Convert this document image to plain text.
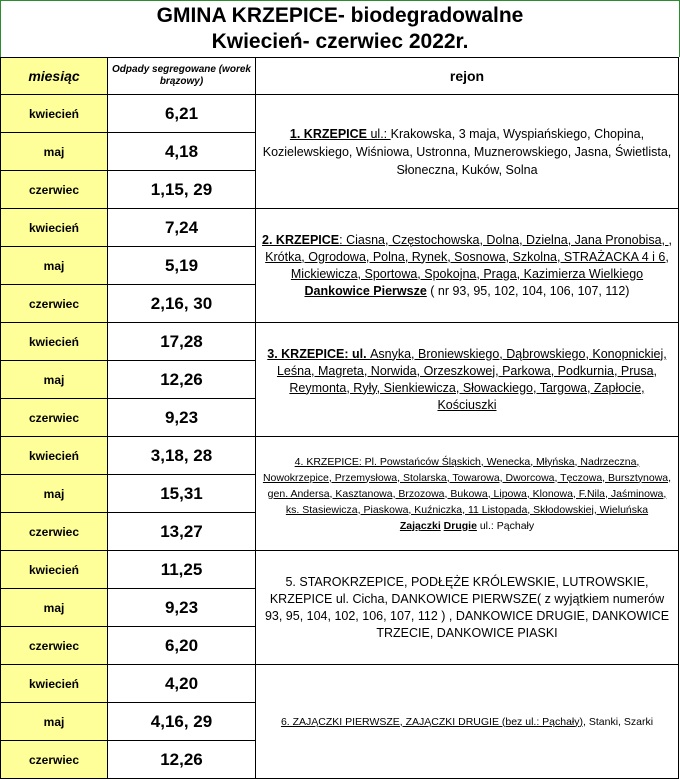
GMINA KRZEPICE- biodegradowalne
Kwiecień- czerwiec 2022r.
miesiąc	Odpady segregowane (worek brązowy)	rejon
kwiecień	6,21	1. KRZEPICE ul.: Krakowska, 3 maja, Wyspiańskiego, Chopina, Kozielewskiego, Wiśniowa, Ustronna, Muznerowskiego, Jasna, Świetlista, Słoneczna, Kuków, Solna

maj	4,18	
czerwiec	1,15, 29	
kwiecień	7,24	2. KRZEPICE: Ciasna, Częstochowska, Dolna, Dzielna, Jana Pronobisa, , Krótka, Ogrodowa, Polna, Rynek, Sosnowa, Szkolna, STRAŻACKA 4 i 6, Mickiewicza, Sportowa, Spokojna, Praga, Kazimierza Wielkiego

Dankowice Pierwsze ( nr 93, 95, 102, 104, 106, 107, 112)

maj	5,19	
czerwiec	2,16, 30	
kwiecień	17,28	3. KRZEPICE: ul. Asnyka, Broniewskiego, Dąbrowskiego, Konopnickiej, Leśna, Magreta, Norwida, Orzeszkowej, Parkowa, Podkurnia, Prusa, Reymonta, Ryły, Sienkiewicza, Słowackiego, Targowa, Zapłocie, Kościuszki

maj	12,26	
czerwiec	9,23	
kwiecień	3,18, 28	4. KRZEPICE: Pl. Powstańców Śląskich, Wenecka, Młyńska, Nadrzeczna, Nowokrzepice, Przemysłowa, Stolarska, Towarowa, Dworcowa, Tęczowa, Bursztynowa, gen. Andersa, Kasztanowa, Brzozowa, Bukowa, Lipowa, Klonowa, F.Nila, Jaśminowa, ks. Stasiewicza, Piaskowa, Kuźniczka, 11 Listopada, Skłodowskiej, Wieluńska

Zajączki Drugie ul.: Pąchały

maj	15,31	
czerwiec	13,27	
kwiecień	11,25	5. STAROKRZEPICE, PODŁĘŻE KRÓLEWSKIE, LUTROWSKIE, KRZEPICE ul. Cicha, DANKOWICE PIERWSZE( z wyjątkiem numerów 93, 95, 104, 102, 106, 107, 112 ) , DANKOWICE DRUGIE, DANKOWICE TRZECIE, DANKOWICE PIASKI

maj	9,23	
czerwiec	6,20	
kwiecień	4,20	6. ZAJĄCZKI PIERWSZE, ZAJĄCZKI DRUGIE (bez ul.: Pąchały), Stanki, Szarki

maj	4,16, 29	
czerwiec	12,26	
